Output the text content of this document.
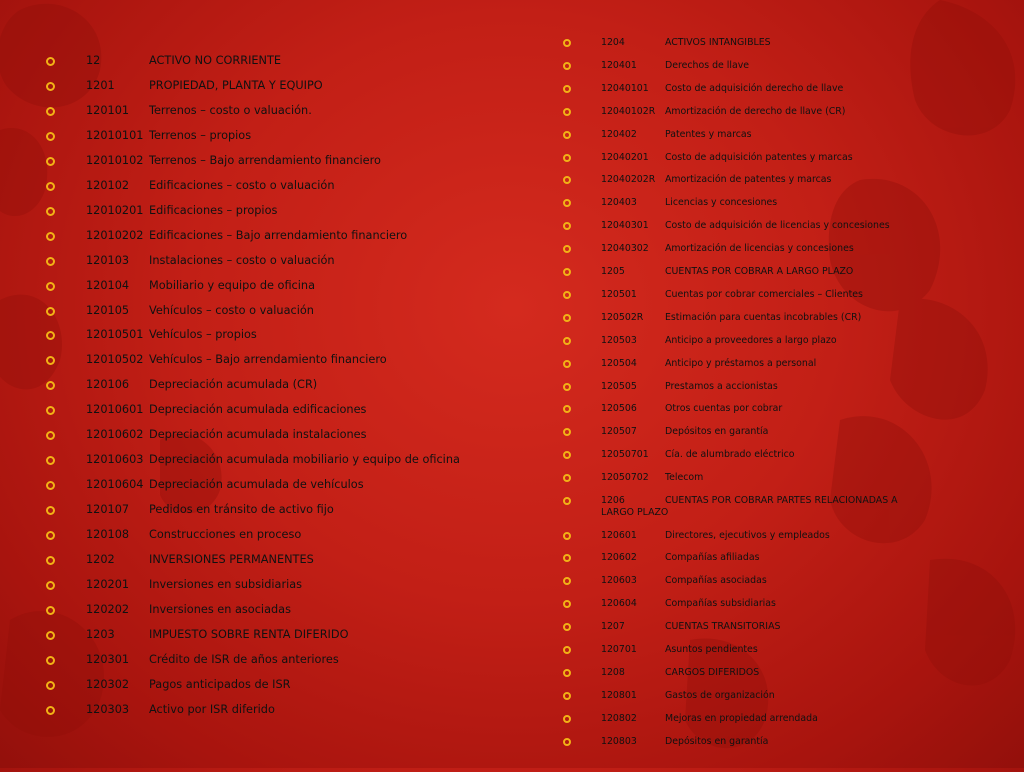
12	ACTIVO NO CORRIENTE
1201	PROPIEDAD, PLANTA Y EQUIPO
120101 Terrenos – costo o valuación.
12010101 Terrenos – propios
12010102 Terrenos – Bajo arrendamiento financiero
120102 Edificaciones – costo o valuación
12010201 Edificaciones – propios
12010202 Edificaciones – Bajo arrendamiento financiero
120103 Instalaciones – costo o valuación
120104 Mobiliario y equipo de oficina
120105 Vehículos – costo o valuación
12010501 Vehículos – propios
12010502 Vehículos – Bajo arrendamiento financiero
120106 Depreciación acumulada (CR)
12010601 Depreciación acumulada edificaciones
12010602 Depreciación acumulada instalaciones
12010603 Depreciación acumulada mobiliario y equipo de oficina
12010604 Depreciación acumulada de vehículos
120107 Pedidos en tránsito de activo fijo
120108 Construcciones en proceso
1202	INVERSIONES PERMANENTES
120201 Inversiones en subsidiarias
120202 Inversiones en asociadas
1203	IMPUESTO SOBRE RENTA DIFERIDO
120301 Crédito de ISR de años anteriores
120302 Pagos anticipados de ISR
120303 Activo por ISR diferido
1204	ACTIVOS INTANGIBLES
120401	Derechos de llave
12040101 Costo de adquisición derecho de llave
12040102R Amortización de derecho de llave (CR)
120402	Patentes y marcas
12040201 Costo de adquisición patentes y marcas
12040202R Amortización de patentes y marcas
120403	Licencias y concesiones
12040301 Costo de adquisición de licencias y concesiones
12040302 Amortización de licencias y concesiones
1205	CUENTAS POR COBRAR A LARGO PLAZO
120501	Cuentas por cobrar comerciales – Clientes
120502R Estimación para cuentas incobrables (CR)
120503	Anticipo a proveedores a largo plazo
120504	Anticipo y préstamos a personal
120505	Prestamos a accionistas
120506	Otros cuentas por cobrar
120507	Depósitos en garantía
12050701 Cía. de alumbrado eléctrico
12050702 Telecom
1206	CUENTAS POR COBRAR PARTES RELACIONADAS A
LARGO PLAZO
120601	Directores, ejecutivos y empleados
120602	Compañías afiliadas
120603	Compañías asociadas
120604	Compañías subsidiarias
1207	CUENTAS TRANSITORIAS
120701	Asuntos pendientes
1208	CARGOS DIFERIDOS
120801	Gastos de organización
120802	Mejoras en propiedad arrendada
120803	Depósitos en garantía
